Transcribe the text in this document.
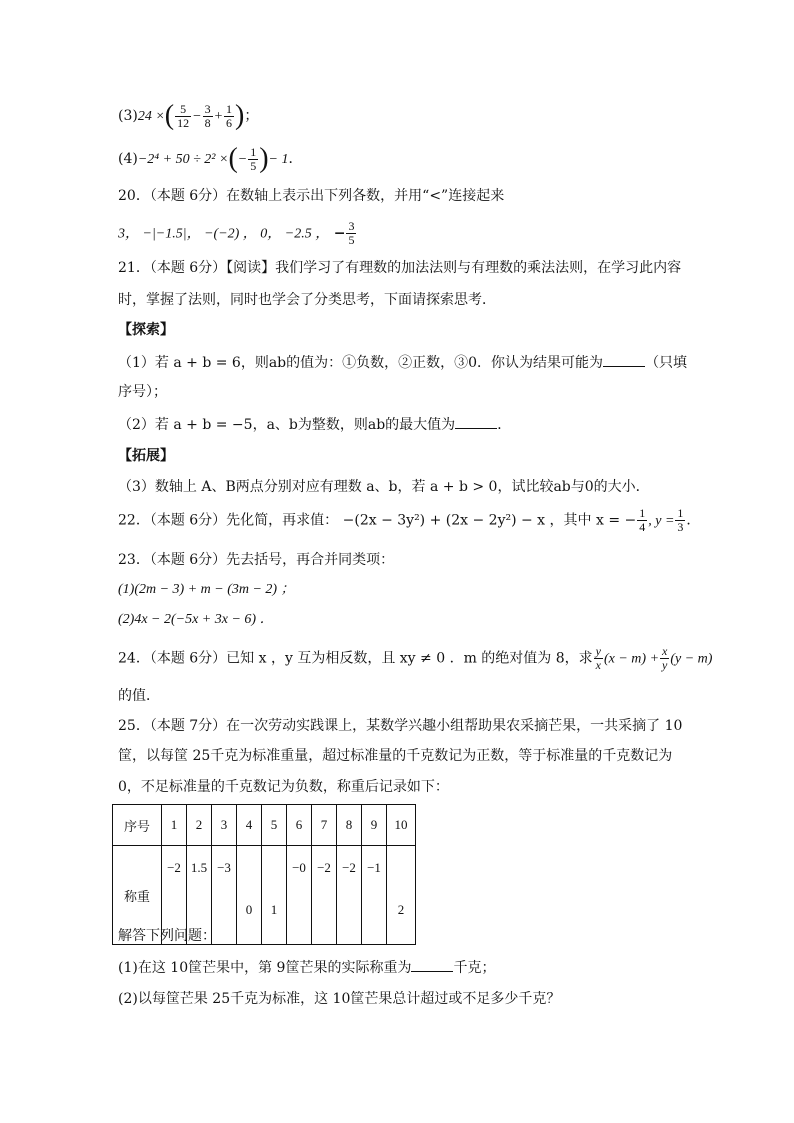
(3)24 ×( $\frac{5}{12} - \frac{3}{8} + \frac{1}{6}$ )；
(4)−2⁴ + 50 ÷ 2² ×(− $\frac{1}{5}$ )− 1．
20．（本题 6分）在数轴上表示出下列各数，并用“<”连接起来
3， −|−1.5|， −(−2) ， 0， −2.5 ， − $\frac{3}{5}$
21．（本题 6分）【阅读】我们学习了有理数的加法法则与有理数的乘法法则，在学习此内容
时，掌握了法则，同时也学会了分类思考，下面请探索思考．
【探索】
（1）若 a + b = 6，则ab的值为：①负数，②正数，③0．你认为结果可能为	（只填
序号）；
（2）若 a + b = −5，a、b为整数，则ab的最大值为	．
【拓展】
（3）数轴上 A、B两点分别对应有理数 a、b，若 a + b > 0，试比较ab与0的大小．
22．（本题 6分）先化简，再求值： −(2x − 3y²) + (2x − 2y²) − x ，其中 x = − $\frac{1}{4}$ , $y = \frac{1}{3}$ ．
23．（本题 6分）先去括号，再合并同类项：
(1)(2m − 3) + m − (3m − 2) ；
(2)4x − 2(−5x + 3x − 6) ．
24．（本题 6分）已知 x ，y 互为相反数，且 xy ≠ 0 ．m 的绝对值为 8，求 $\frac{y}{x} (x - m) + \frac{x}{y} (y - m)$
的值．
25．（本题 7分）在一次劳动实践课上，某数学兴趣小组帮助果农采摘芒果，一共采摘了 10
筐，以每筐 25千克为标准重量，超过标准量的千克数记为正数，等于标准量的千克数记为
0，不足标准量的千克数记为负数，称重后记录如下：
序号	1	2	3	4	5	6	7	8	9	10
称重	−2	1.5	−3	0	1	−0	−2	−2	−1	2
解答下列问题：
(1)在这 10筐芒果中，第 9筐芒果的实际称重为	千克；
(2)以每筐芒果 25千克为标准，这 10筐芒果总计超过或不足多少千克？
